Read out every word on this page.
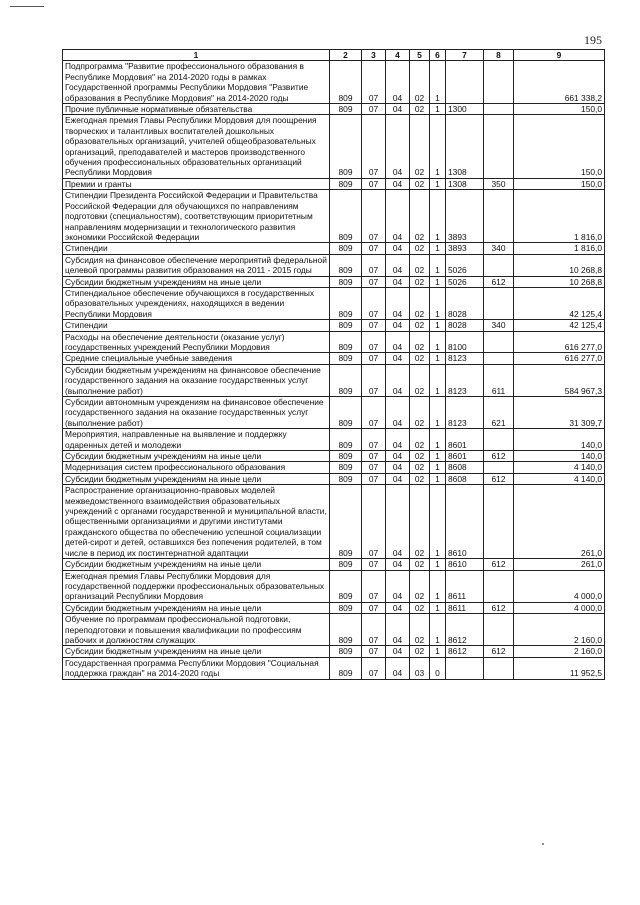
195
1	2	3	4	5	6	7	8	9
Подпрограмма "Развитие профессионального образования в Республике Мордовия" на 2014-2020 годы в рамках Государственной программы Республики Мордовия "Развитие образования в Республике Мордовия" на 2014-2020 годы	809	07	04	02	1			661 338,2
Прочие публичные нормативные обязательства	809	07	04	02	1	1300		150,0
Ежегодная премия Главы Республики Мордовия для поощрения творческих и талантливых воспитателей дошкольных образовательных организаций, учителей общеобразовательных организаций, преподавателей и мастеров производственного обучения профессиональных образовательных организаций Республики Мордовия	809	07	04	02	1	1308		150,0
Премии и гранты	809	07	04	02	1	1308	350	150,0
Стипендии Президента Российской Федерации и Правительства Российской Федерации для обучающихся по направлениям подготовки (специальностям), соответствующим приоритетным направлениям модернизации и технологического развития экономики Российской Федерации	809	07	04	02	1	3893		1 816,0
Стипендии	809	07	04	02	1	3893	340	1 816,0
Субсидия на финансовое обеспечение мероприятий федеральной целевой программы развития образования на 2011 - 2015 годы	809	07	04	02	1	5026		10 268,8
Субсидии бюджетным учреждениям на иные цели	809	07	04	02	1	5026	612	10 268,8
Стипендиальное обеспечение обучающихся в государственных образовательных учреждениях, находящихся в ведении Республики Мордовия	809	07	04	02	1	8028		42 125,4
Стипендии	809	07	04	02	1	8028	340	42 125,4
Расходы на обеспечение деятельности (оказание услуг) государственных учреждений Республики Мордовия	809	07	04	02	1	8100		616 277,0
Средние специальные учебные заведения	809	07	04	02	1	8123		616 277,0
Субсидии бюджетным учреждениям на финансовое обеспечение государственного задания на оказание государственных услуг (выполнение работ)	809	07	04	02	1	8123	611	584 967,3
Субсидии автономным учреждениям на финансовое обеспечение государственного задания на оказание государственных услуг (выполнение работ)	809	07	04	02	1	8123	621	31 309,7
Мероприятия, направленные на выявление и поддержку одаренных детей и молодежи	809	07	04	02	1	8601		140,0
Субсидии бюджетным учреждениям на иные цели	809	07	04	02	1	8601	612	140,0
Модернизация систем профессионального образования	809	07	04	02	1	8608		4 140,0
Субсидии бюджетным учреждениям на иные цели	809	07	04	02	1	8608	612	4 140,0
Распространение организационно-правовых моделей межведомственного взаимодействия образовательных учреждений с органами государственной и муниципальной власти, общественными организациями и другими институтами гражданского общества по обеспечению успешной социализации детей-сирот и детей, оставшихся без попечения родителей, в том числе в период их постинтернатной адаптации	809	07	04	02	1	8610		261,0
Субсидии бюджетным учреждениям на иные цели	809	07	04	02	1	8610	612	261,0
Ежегодная премия Главы Республики Мордовия для государственной поддержки профессиональных образовательных организаций Республики Мордовия	809	07	04	02	1	8611		4 000,0
Субсидии бюджетным учреждениям на иные цели	809	07	04	02	1	8611	612	4 000,0
Обучение по программам профессиональной подготовки, переподготовки и повышения квалификации по профессиям рабочих и должностям служащих	809	07	04	02	1	8612		2 160,0
Субсидии бюджетным учреждениям на иные цели	809	07	04	02	1	8612	612	2 160,0
Государственная программа Республики Мордовия "Социальная поддержка граждан" на 2014-2020 годы	809	07	04	03	0			11 952,5
